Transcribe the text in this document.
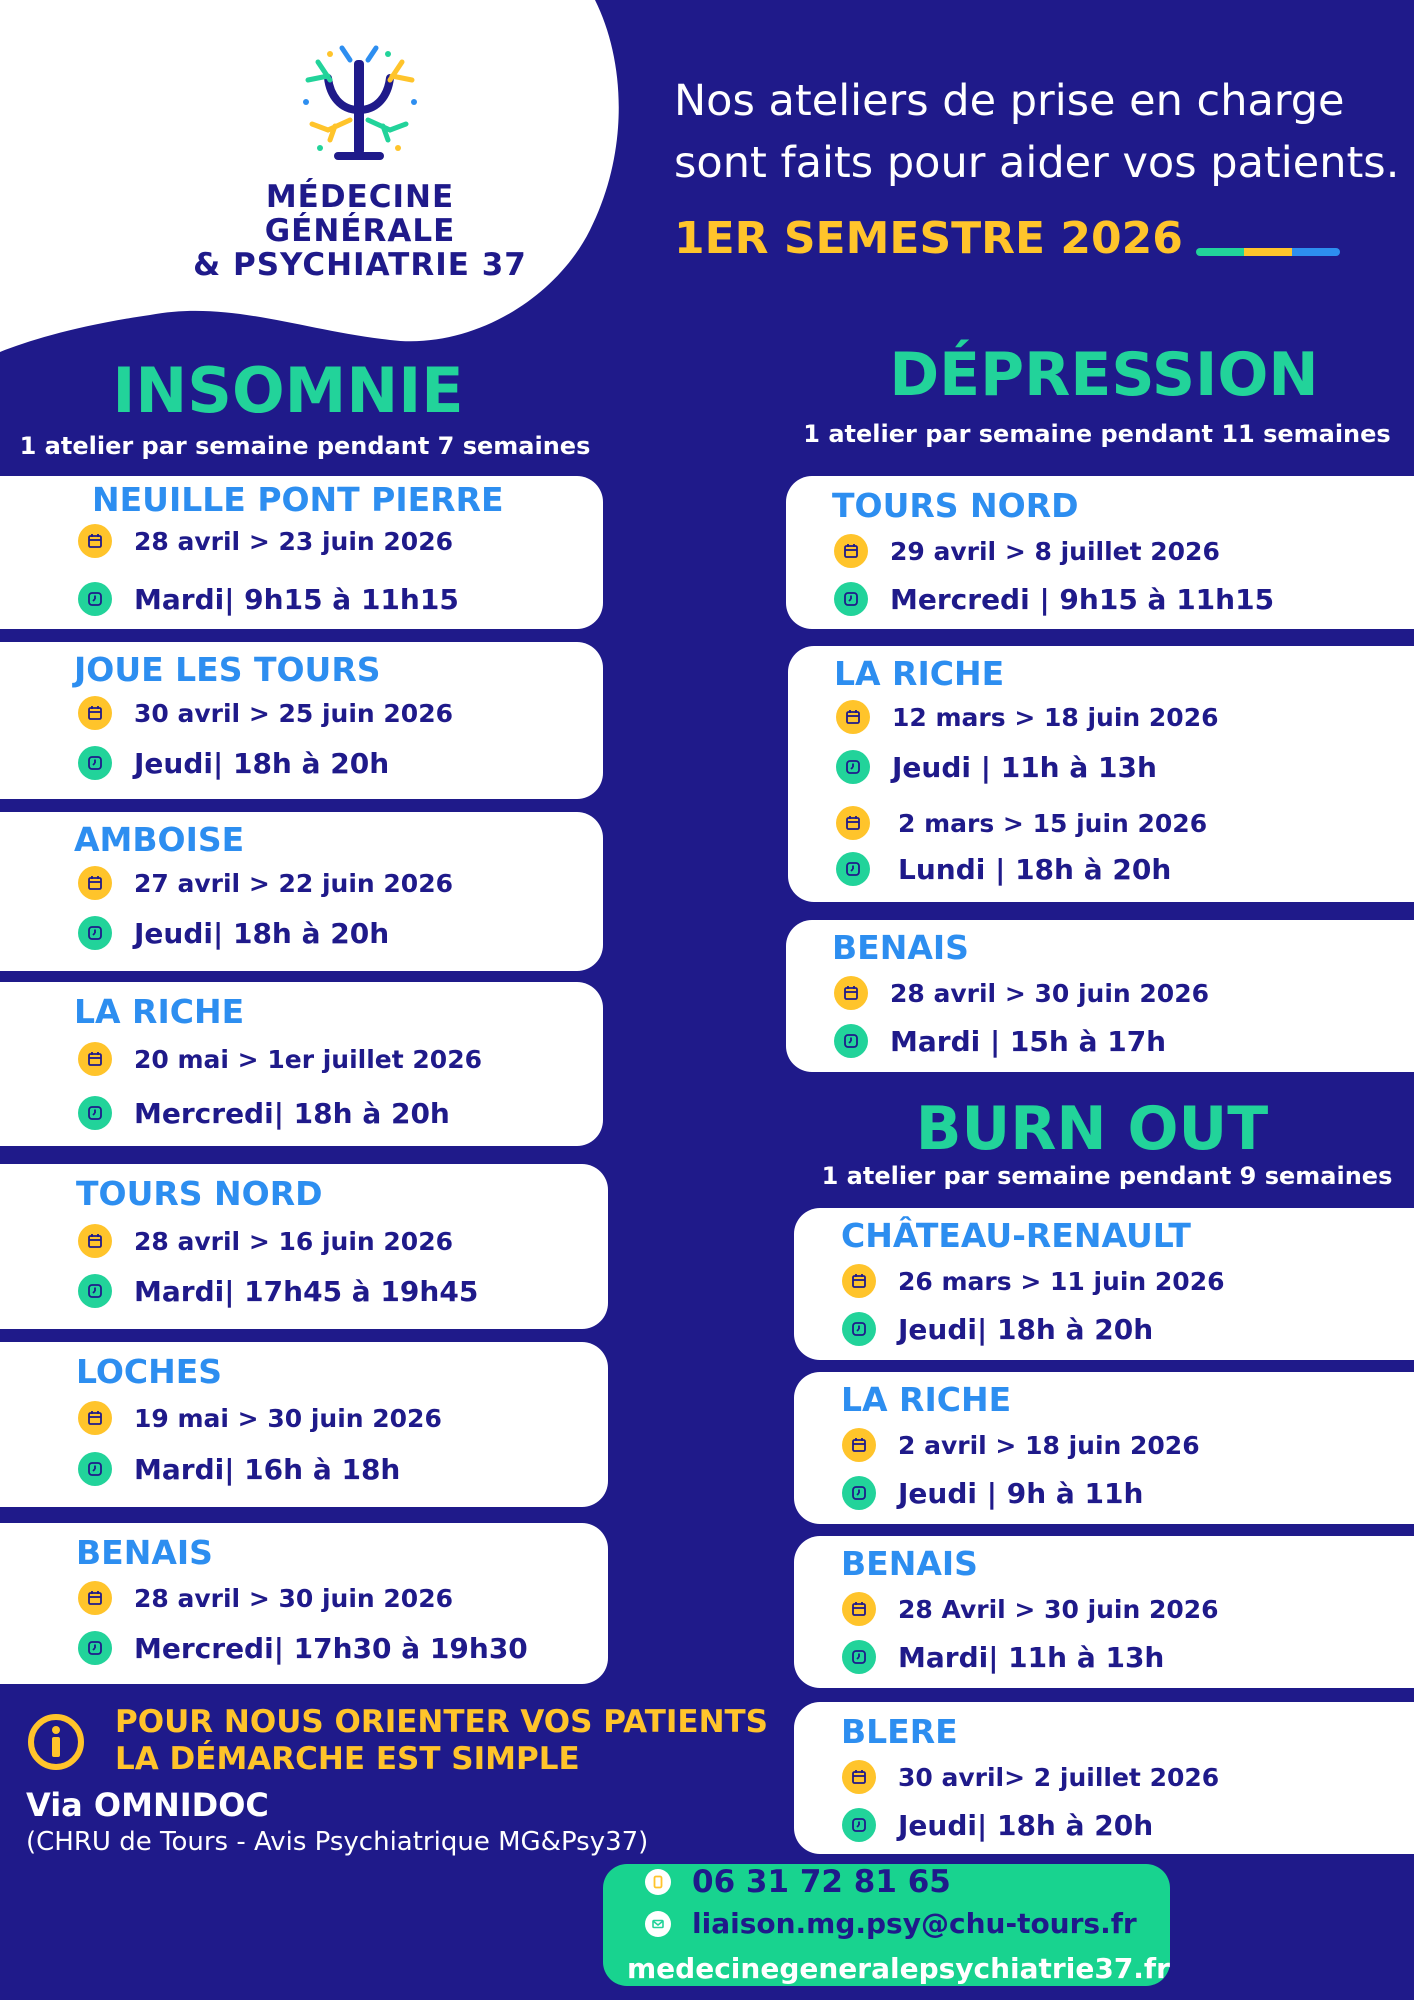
MÉDECINE GÉNÉRALE
& PSYCHIATRIE 37
Nos ateliers de prise en charge
sont faits pour aider vos patients.
1ER SEMESTRE 2026
INSOMNIE
1 atelier par semaine pendant 7 semaines
NEUILLE PONT PIERRE
28 avril > 23 juin 2026
Mardi| 9h15 à 11h15
JOUE LES TOURS
30 avril > 25 juin 2026
Jeudi| 18h à 20h
AMBOISE
27 avril > 22 juin 2026
Jeudi| 18h à 20h
LA RICHE
20 mai > 1er juillet 2026
Mercredi| 18h à 20h
TOURS NORD
28 avril > 16 juin 2026
Mardi| 17h45 à 19h45
LOCHES
19 mai > 30 juin 2026
Mardi| 16h à 18h
BENAIS
28 avril > 30 juin 2026
Mercredi| 17h30 à 19h30
DÉPRESSION
1 atelier par semaine pendant 11 semaines
TOURS NORD
29 avril > 8 juillet 2026
Mercredi | 9h15 à 11h15
LA RICHE
12 mars > 18 juin 2026
Jeudi | 11h à 13h
2 mars > 15 juin 2026
Lundi | 18h à 20h
BENAIS
28 avril > 30 juin 2026
Mardi | 15h à 17h
BURN OUT
1 atelier par semaine pendant 9 semaines
CHÂTEAU-RENAULT
26 mars > 11 juin 2026
Jeudi| 18h à 20h
LA RICHE
2 avril > 18 juin 2026
Jeudi | 9h à 11h
BENAIS
28 Avril > 30 juin 2026
Mardi| 11h à 13h
BLERE
30 avril> 2 juillet 2026
Jeudi| 18h à 20h
POUR NOUS ORIENTER VOS PATIENTS
LA DÉMARCHE EST SIMPLE
Via OMNIDOC
(CHRU de Tours - Avis Psychiatrique MG&Psy37)
06 31 72 81 65
liaison.mg.psy@chu-tours.fr
medecinegeneralepsychiatrie37.fr
